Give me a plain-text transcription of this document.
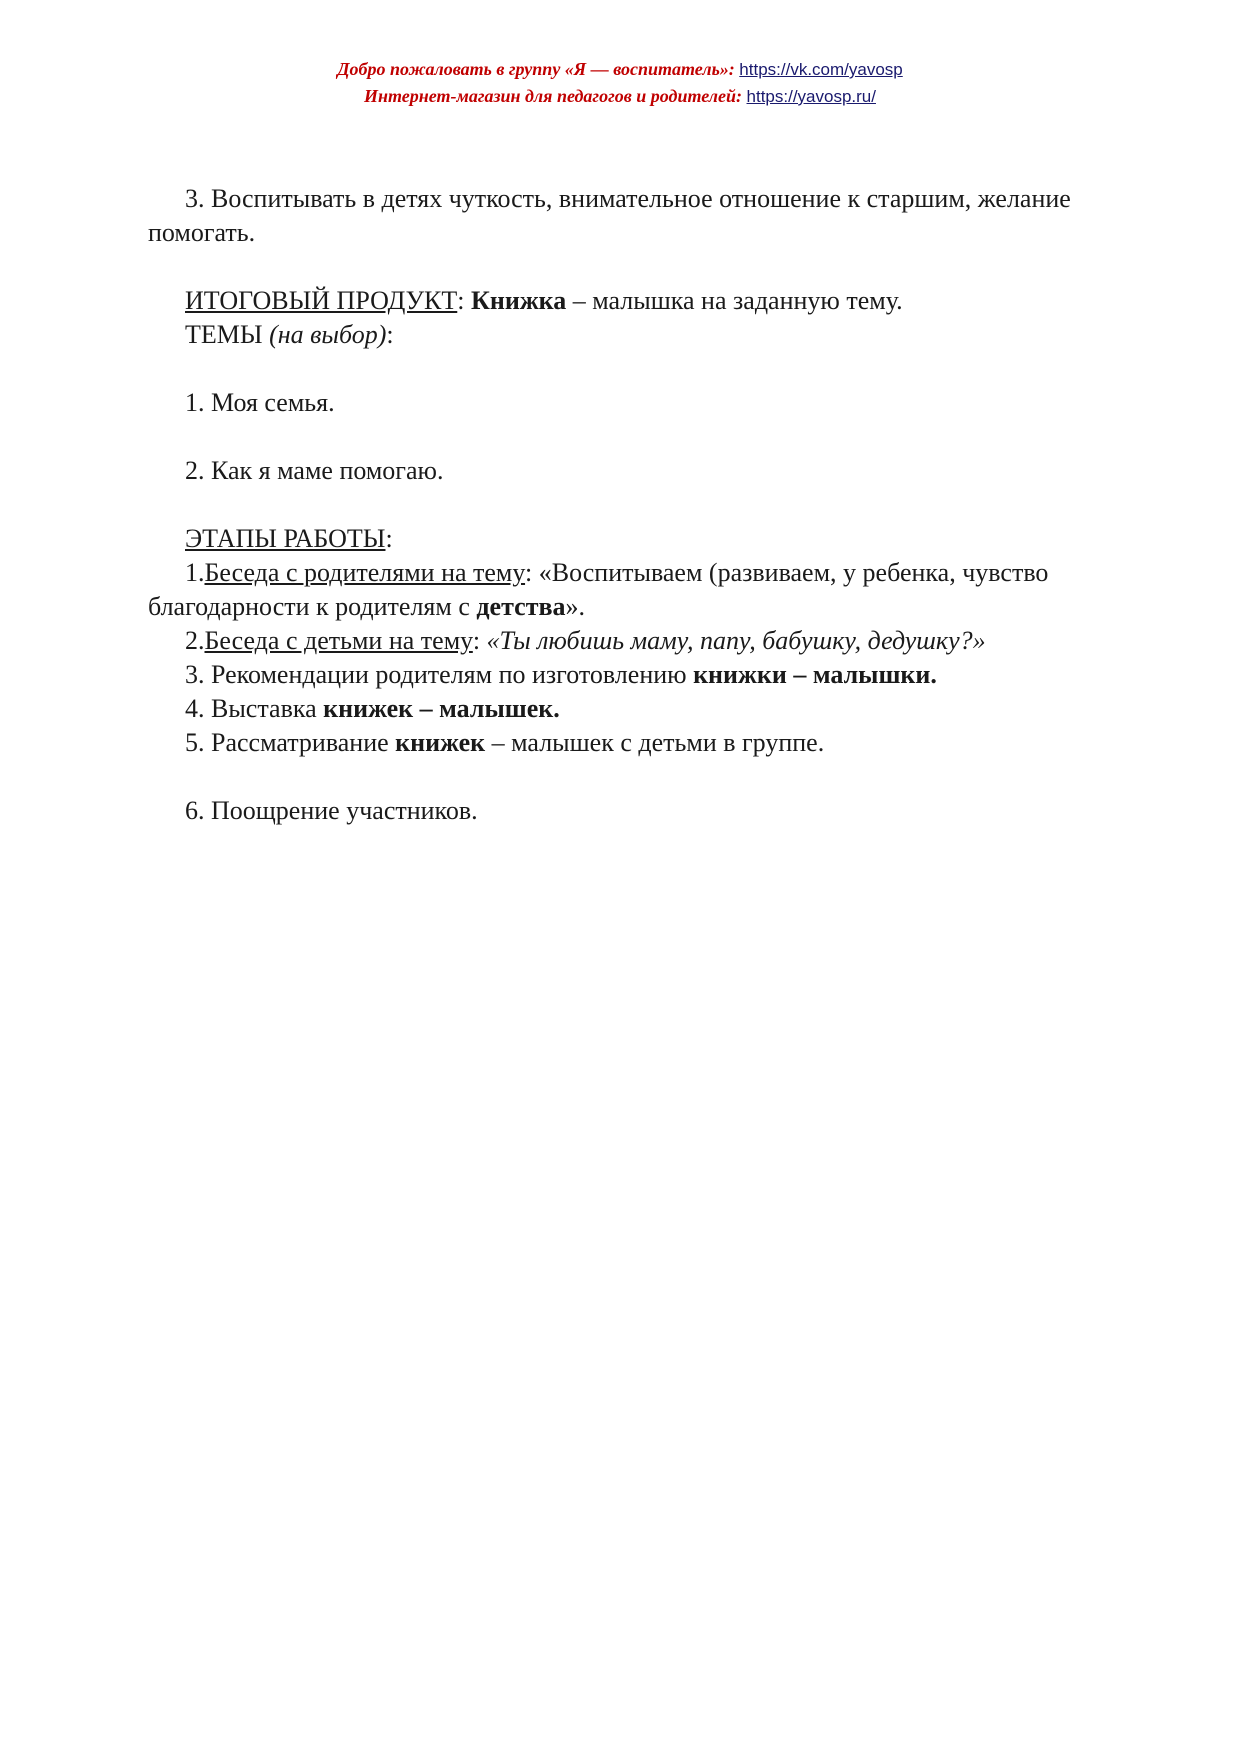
Добро пожаловать в группу «Я — воспитатель»: https://vk.com/yavosp
Интернет-магазин для педагогов и родителей: https://yavosp.ru/

3. Воспитывать в детях чуткость, внимательное отношение к старшим, желание помогать.

ИТОГОВЫЙ ПРОДУКТ: Книжка – малышка на заданную тему.

ТЕМЫ (на выбор):

1. Моя семья.

2. Как я маме помогаю.

ЭТАПЫ РАБОТЫ:

1.Беседа с родителями на тему: «Воспитываем (развиваем, у ребенка, чувство благодарности к родителям с детства».

2.Беседа с детьми на тему: «Ты любишь маму, папу, бабушку, дедушку?»

3. Рекомендации родителям по изготовлению книжки – малышки.

4. Выставка книжек – малышек.

5. Рассматривание книжек – малышек с детьми в группе.

6. Поощрение участников.
